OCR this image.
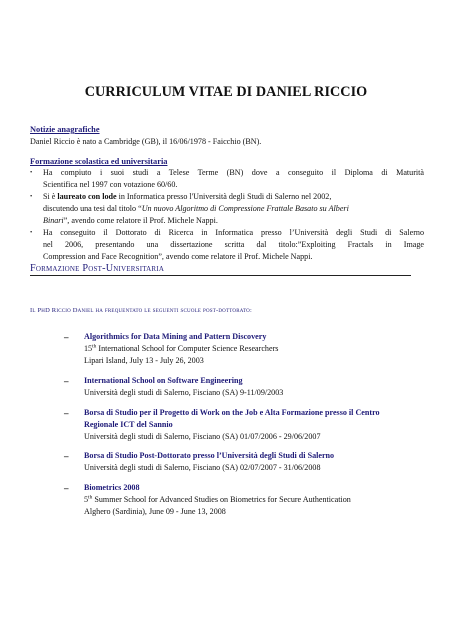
CURRICULUM VITAE DI DANIEL RICCIO
Notizie anagrafiche
Daniel Riccio è nato a Cambridge (GB), il 16/06/1978 - Faicchio (BN).
Formazione scolastica ed universitaria
• Ha compiuto i suoi studi a Telese Terme (BN) dove a conseguito il Diploma di Maturità
Scientifica nel 1997 con votazione 60/60.
• Si è laureato con lode in Informatica presso l'Università degli Studi di Salerno nel 2002,
discutendo una tesi dal titolo “Un nuovo Algoritmo di Compressione Frattale Basato su Alberi
Binari”, avendo come relatore il Prof. Michele Nappi.
• Ha conseguito il Dottorato di Ricerca in Informatica presso l’Università degli Studi di Salerno
nel 2006, presentando una dissertazione scritta dal titolo:”Exploiting Fractals in Image
Compression and Face Recognition”, avendo come relatore il Prof. Michele Nappi.
Formazione Post-Universitaria
Il PhD Riccio Daniel ha frequentato le seguenti scuole post-dottorato:
– Algorithmics for Data Mining and Pattern Discovery
15th International School for Computer Science Researchers
Lipari Island, July 13 - July 26, 2003
– International School on Software Engineering
Università degli studi di Salerno, Fisciano (SA) 9-11/09/2003
– Borsa di Studio per il Progetto di Work on the Job e Alta Formazione presso il Centro
Regionale ICT del Sannio
Università degli studi di Salerno, Fisciano (SA) 01/07/2006 - 29/06/2007
– Borsa di Studio Post-Dottorato presso l’Università degli Studi di Salerno
Università degli studi di Salerno, Fisciano (SA) 02/07/2007 - 31/06/2008
– Biometrics 2008
5th Summer School for Advanced Studies on Biometrics for Secure Authentication
Alghero (Sardinia), June 09 - June 13, 2008
